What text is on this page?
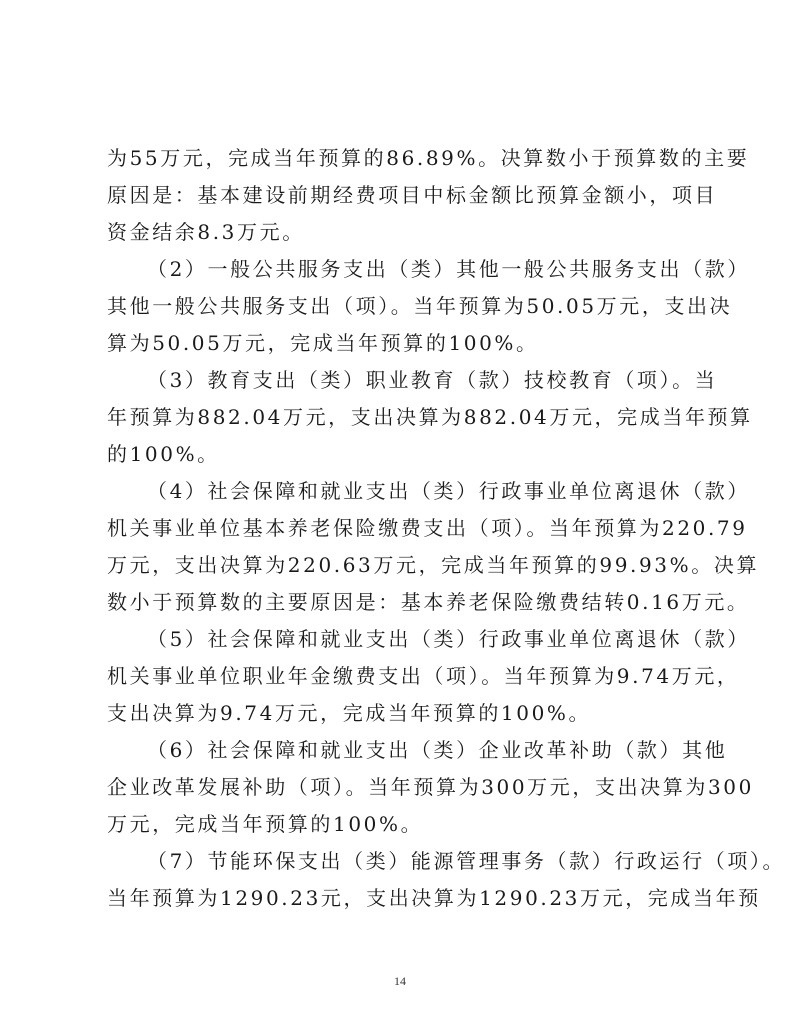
为55万元，完成当年预算的86.89%。决算数小于预算数的主要
原因是：基本建设前期经费项目中标金额比预算金额小，项目
资金结余8.3万元。
（2）一般公共服务支出（类）其他一般公共服务支出（款）
其他一般公共服务支出（项）。当年预算为50.05万元，支出决
算为50.05万元，完成当年预算的100%。
（3）教育支出（类）职业教育（款）技校教育（项）。当
年预算为882.04万元，支出决算为882.04万元，完成当年预算
的100%。
（4）社会保障和就业支出（类）行政事业单位离退休（款）
机关事业单位基本养老保险缴费支出（项）。当年预算为220.79
万元，支出决算为220.63万元，完成当年预算的99.93%。决算
数小于预算数的主要原因是：基本养老保险缴费结转0.16万元。
（5）社会保障和就业支出（类）行政事业单位离退休（款）
机关事业单位职业年金缴费支出（项）。当年预算为9.74万元，
支出决算为9.74万元，完成当年预算的100%。
（6）社会保障和就业支出（类）企业改革补助（款）其他
企业改革发展补助（项）。当年预算为300万元，支出决算为300
万元，完成当年预算的100%。
（7）节能环保支出（类）能源管理事务（款）行政运行（项）。
当年预算为1290.23元，支出决算为1290.23万元，完成当年预
14
